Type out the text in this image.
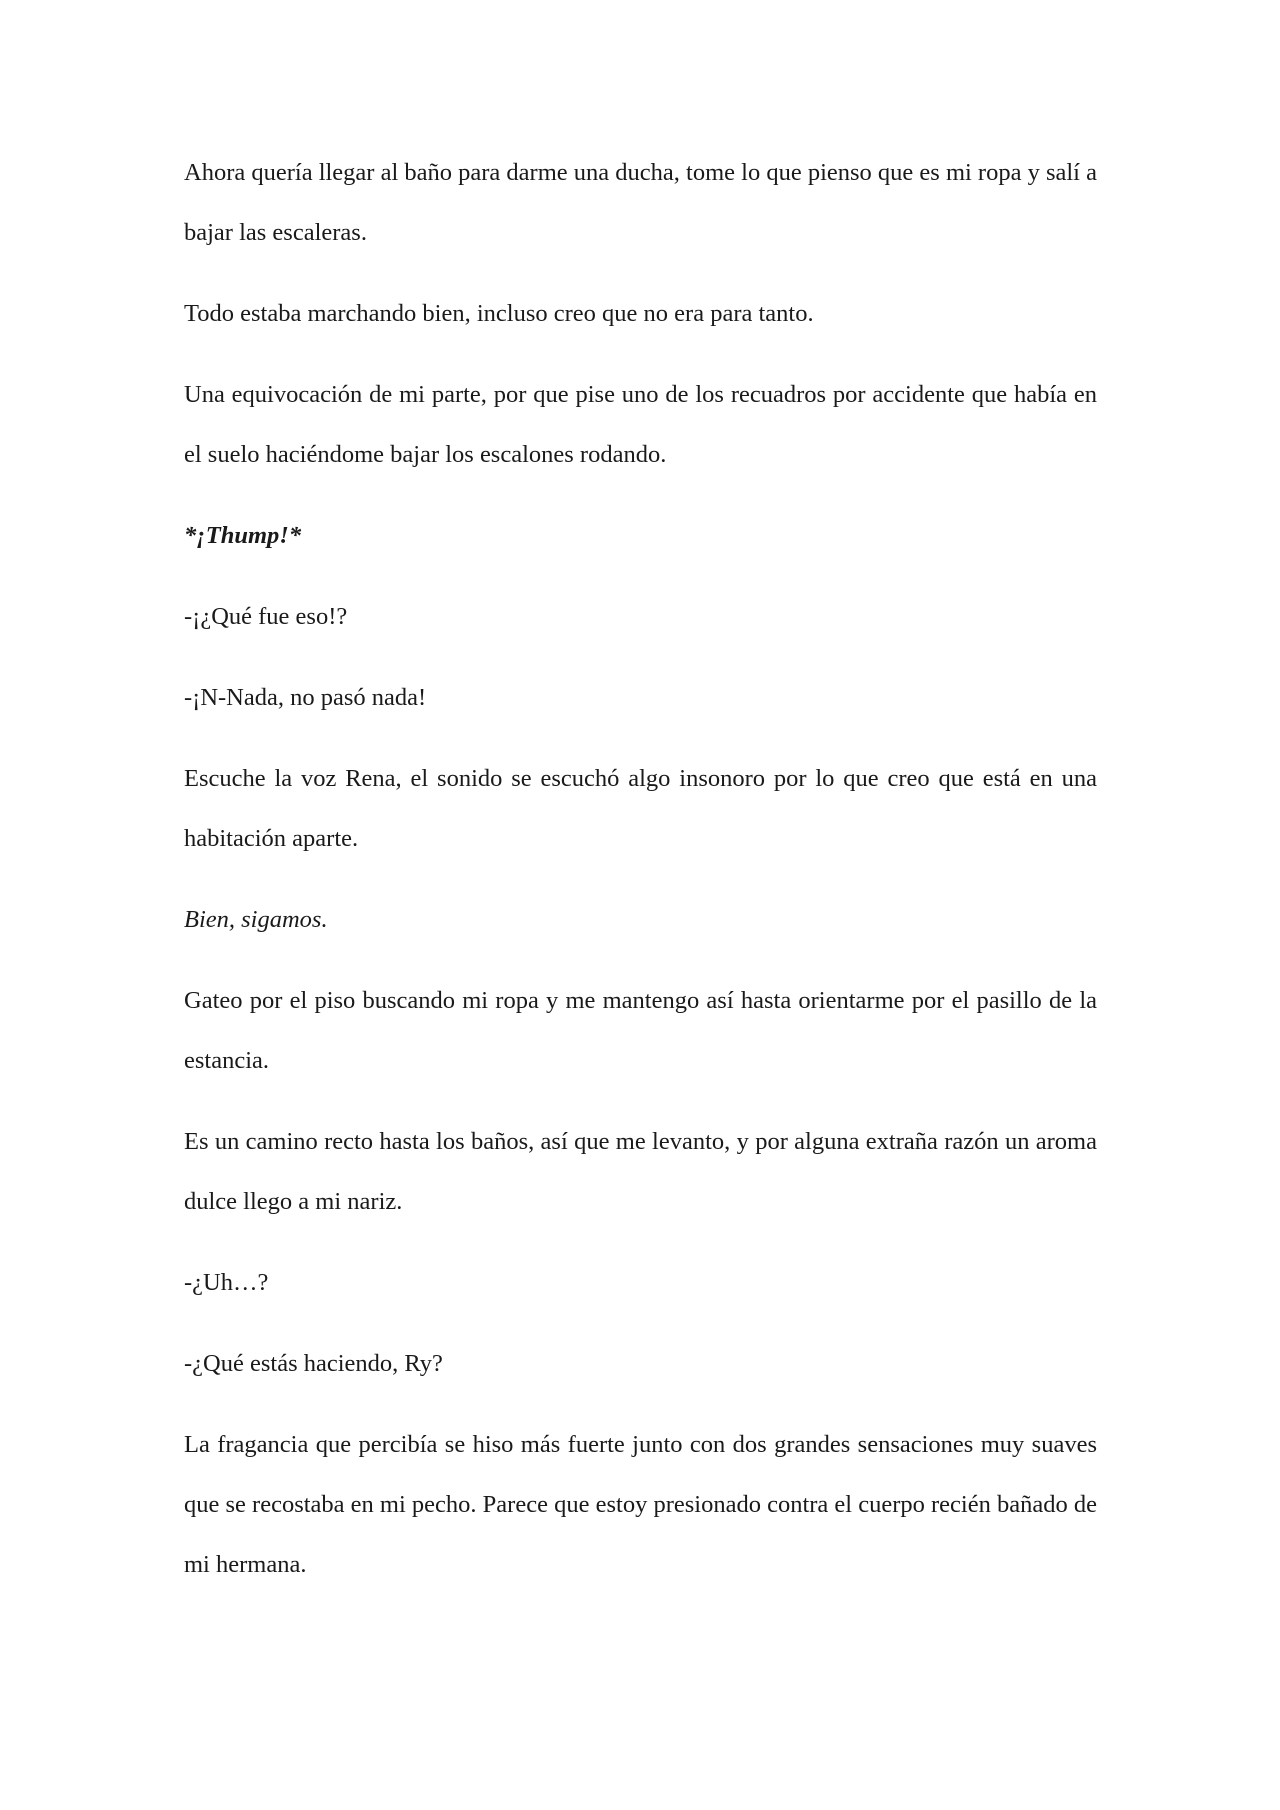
Ahora quería llegar al baño para darme una ducha, tome lo que pienso que es mi ropa y salí a bajar las escaleras.

Todo estaba marchando bien, incluso creo que no era para tanto.

Una equivocación de mi parte, por que pise uno de los recuadros por accidente que había en el suelo haciéndome bajar los escalones rodando.

*¡Thump!*

-¡¿Qué fue eso!?

-¡N-Nada, no pasó nada!

Escuche la voz Rena, el sonido se escuchó algo insonoro por lo que creo que está en una habitación aparte.

Bien, sigamos.

Gateo por el piso buscando mi ropa y me mantengo así hasta orientarme por el pasillo de la estancia.

Es un camino recto hasta los baños, así que me levanto, y por alguna extraña razón un aroma dulce llego a mi nariz.

-¿Uh…?

-¿Qué estás haciendo, Ry?

La fragancia que percibía se hiso más fuerte junto con dos grandes sensaciones muy suaves que se recostaba en mi pecho. Parece que estoy presionado contra el cuerpo recién bañado de mi hermana.
